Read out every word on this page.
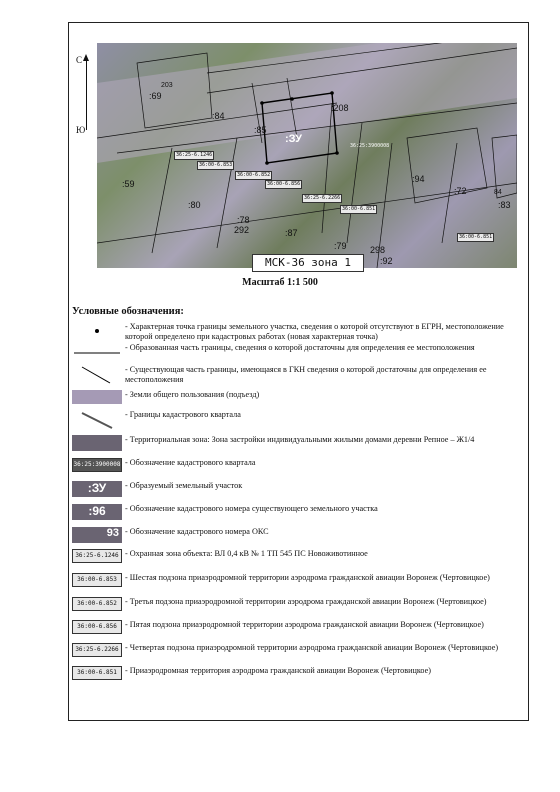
С
Ю
:69
203
:84
:85
:208
:59
:80
:78
292	:87
:79	298
:92
:94
:72
:83
84
:ЗУ
36:25:3900008
36:25-6.1246
36:00-6.853
36:00-6.852
36:00-6.856
36:25-6.2266
36:00-6.851
36:00-6.851
МСК-36 зона 1
Масштаб 1:1 500
Условные обозначения:
- Характерная точка границы земельного участка, сведения о которой отсутствуют в ЕГРН, местоположение которой определено при кадастровых работах (новая характерная точка)
- Образованная часть границы, сведения о которой достаточны для определения ее местоположения
- Существующая часть границы, имеющаяся в ГКН сведения о которой достаточны для определения ее местоположения
- Земли общего пользования (подъезд)
- Границы кадастрового квартала
- Территориальная зона: Зона застройки индивидуальными жилыми домами деревни Репное – Ж1/4
36:25:3900008 - Обозначение кадастрового квартала
:ЗУ	- Образуемый земельный участок
:96	- Обозначение кадастрового номера существующего земельного участка
93 - Обозначение кадастрового номера ОКС
36:25-6.1246 - Охранная зона объекта: ВЛ 0,4 кВ № 1 ТП 545 ПС Новоживотинное
36:00-6.853 - Шестая подзона приаэродромной территории аэродрома гражданской авиации Воронеж (Чертовицкое)
36:00-6.852 - Третья подзона приаэродромной территории аэродрома гражданской авиации Воронеж (Чертовицкое)
36:00-6.856 - Пятая подзона приаэродромной территории аэродрома гражданской авиации Воронеж (Чертовицкое)
36:25-6.2266 - Четвертая подзона приаэродромной территории аэродрома гражданской авиации Воронеж (Чертовицкое)
36:00-6.851 - Приаэродромная территория аэродрома гражданской авиации Воронеж (Чертовицкое)
